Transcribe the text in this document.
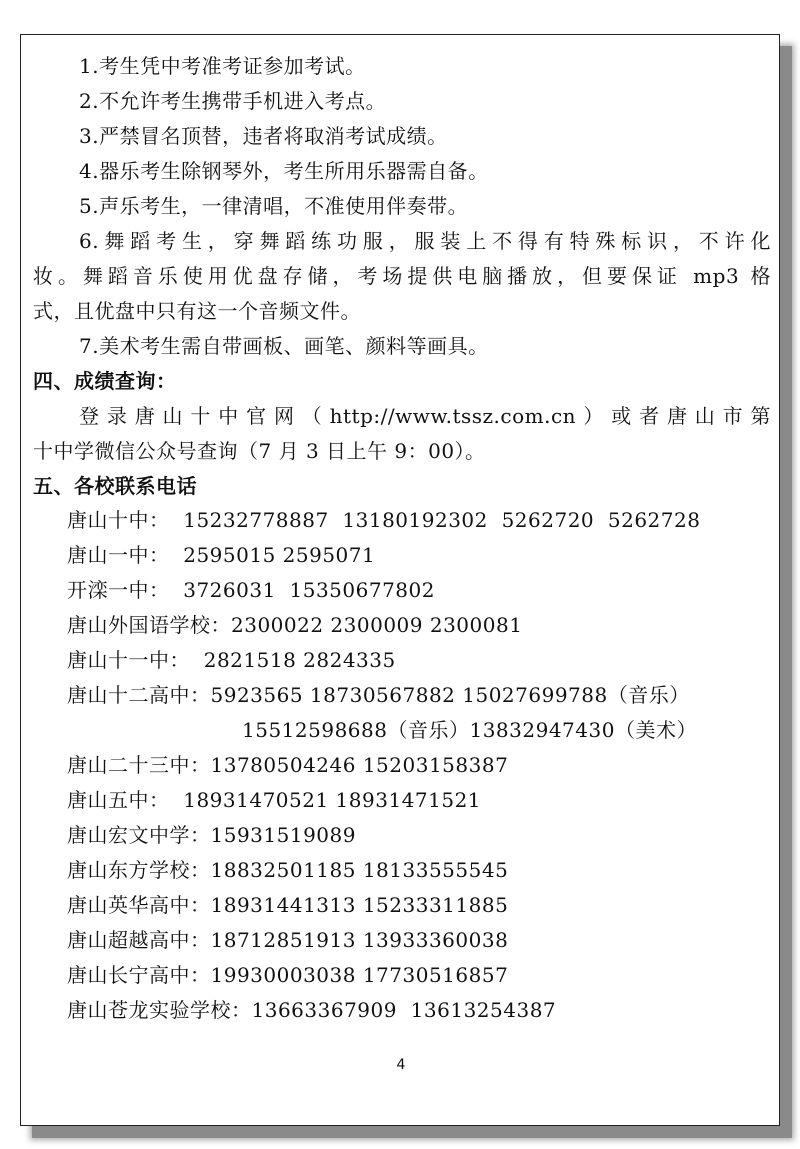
1.考生凭中考准考证参加考试。
2.不允许考生携带手机进入考点。
3.严禁冒名顶替，违者将取消考试成绩。
4.器乐考生除钢琴外，考生所用乐器需自备。
5.声乐考生，一律清唱，不准使用伴奏带。
6.舞蹈考生，穿舞蹈练功服，服装上不得有特殊标识，不许化
妆。舞蹈音乐使用优盘存储，考场提供电脑播放，但要保证 mp3 格
式，且优盘中只有这一个音频文件。
7.美术考生需自带画板、画笔、颜料等画具。
四、成绩查询：
登录唐山十中官网（http://www.tssz.com.cn）或者唐山市第
十中学微信公众号查询（7 月 3 日上午 9：00）。
五、各校联系电话
唐山十中：  15232778887  13180192302  5262720  5262728
唐山一中：  2595015 2595071
开滦一中：  3726031  15350677802
唐山外国语学校：2300022 2300009 2300081
唐山十一中：  2821518 2824335
唐山十二高中：5923565 18730567882 15027699788（音乐）
15512598688（音乐）13832947430（美术）
唐山二十三中：13780504246 15203158387
唐山五中：  18931470521 18931471521
唐山宏文中学：15931519089
唐山东方学校：18832501185 18133555545
唐山英华高中：18931441313 15233311885
唐山超越高中：18712851913 13933360038
唐山长宁高中：19930003038 17730516857
唐山苍龙实验学校：13663367909  13613254387
4
